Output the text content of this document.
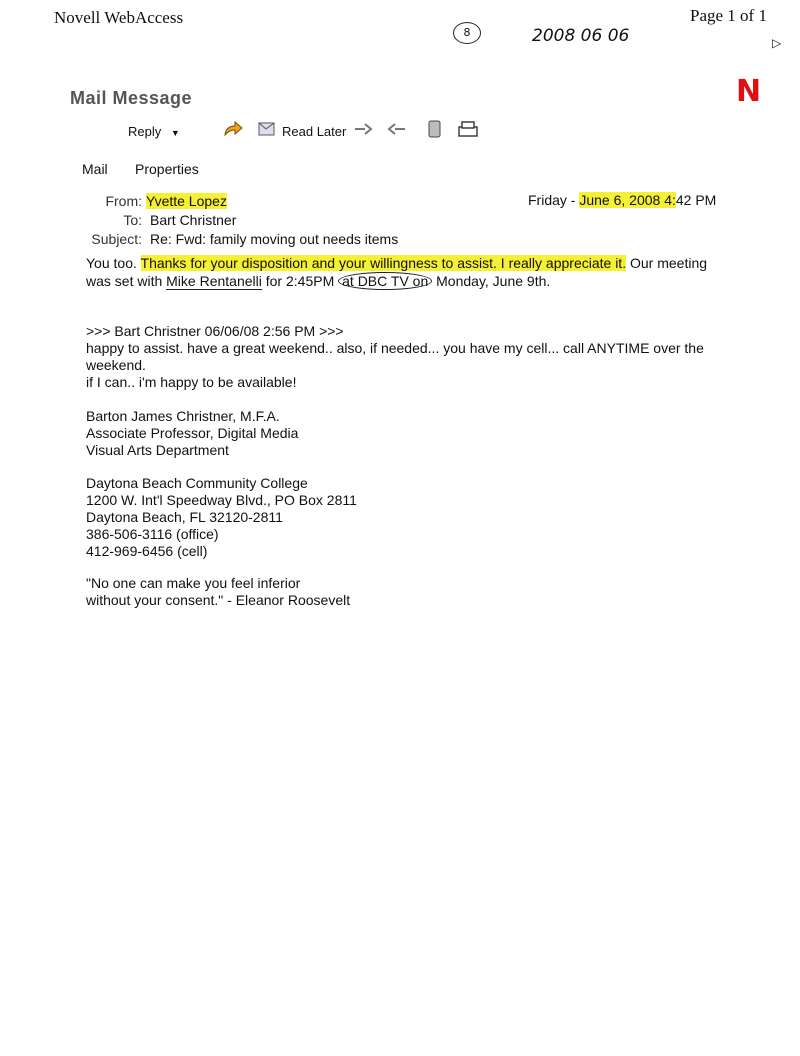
Novell WebAccess	Page 1 of 1
8	2008 06 06	▷
Mail Message	N
Reply ▼	Read Later
Mail Properties
From: Yvette Lopez
To: Bart Christner
Subject: Re: Fwd: family moving out needs items
Friday - June 6, 2008 4:42 PM
You too. Thanks for your disposition and your willingness to assist. I really appreciate it. Our meeting
was set with Mike Rentanelli for 2:45PM at DBC TV on Monday, June 9th.
>>> Bart Christner 06/06/08 2:56 PM >>>
happy to assist. have a great weekend.. also, if needed... you have my cell... call ANYTIME over the
weekend.
if I can.. i'm happy to be available!
Barton James Christner, M.F.A.
Associate Professor, Digital Media
Visual Arts Department
Daytona Beach Community College
1200 W. Int'l Speedway Blvd., PO Box 2811
Daytona Beach, FL 32120-2811
386-506-3116 (office)
412-969-6456 (cell)
"No one can make you feel inferior
without your consent." - Eleanor Roosevelt
